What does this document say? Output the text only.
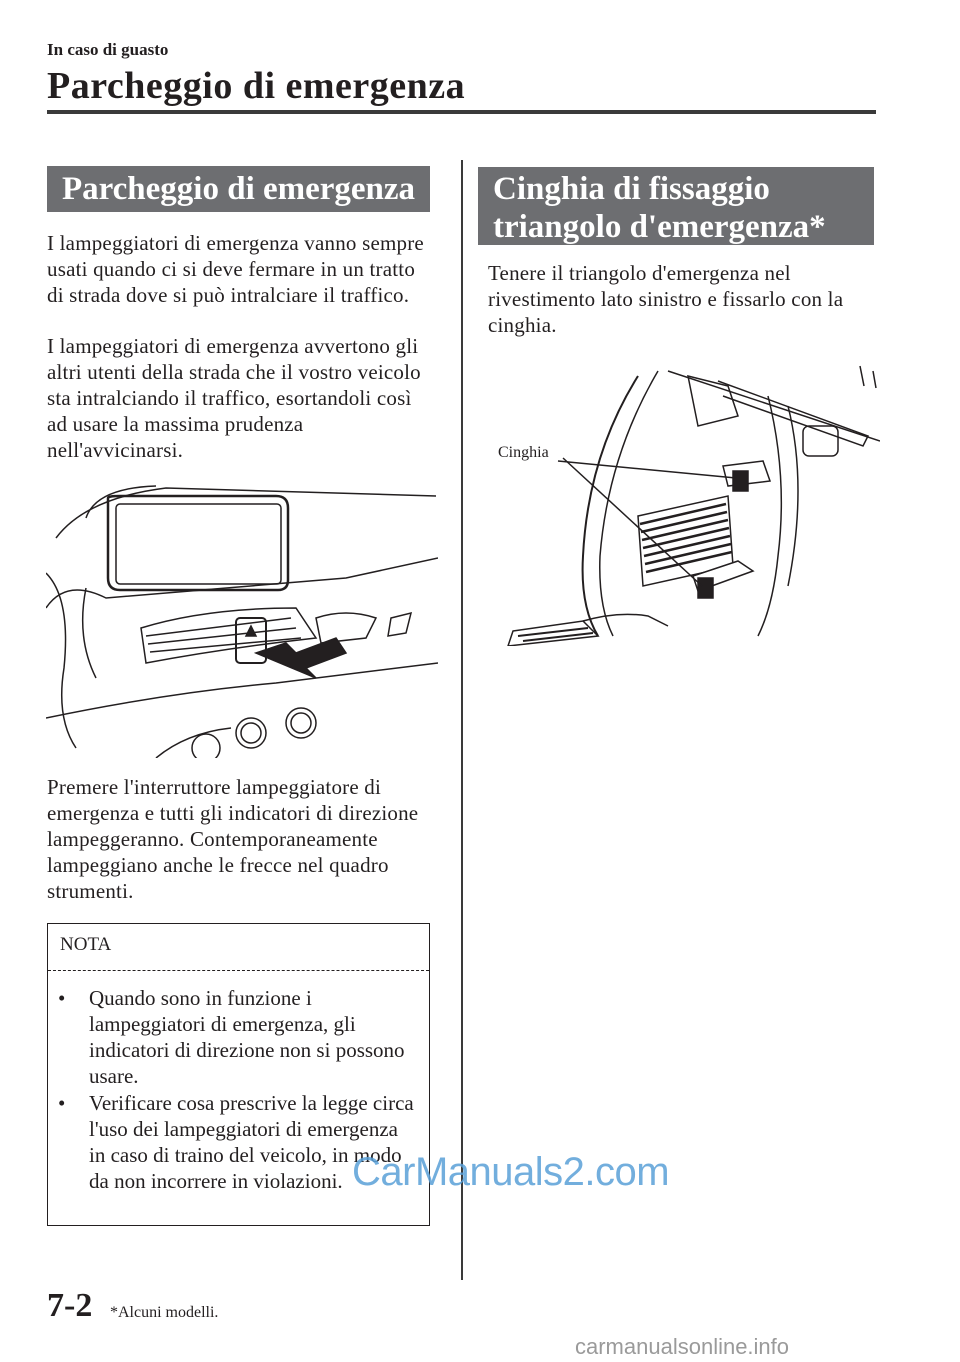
In caso di guasto
Parcheggio di emergenza
Parcheggio di emergenza
I lampeggiatori di emergenza vanno sempre usati quando ci si deve fermare in un tratto di strada dove si può intralciare il traffico.
I lampeggiatori di emergenza avvertono gli altri utenti della strada che il vostro veicolo sta intralciando il traffico, esortandoli così ad usare la massima prudenza nell'avvicinarsi.
Premere l'interruttore lampeggiatore di emergenza e tutti gli indicatori di direzione lampeggeranno. Contemporaneamente lampeggiano anche le frecce nel quadro strumenti.
NOTA
•	Quando sono in funzione i lampeggiatori di emergenza, gli indicatori di direzione non si possono usare.
•	Verificare cosa prescrive la legge circa l'uso dei lampeggiatori di emergenza in caso di traino del veicolo, in modo da non incorrere in violazioni.
Cinghia di fissaggio
triangolo d'emergenza*
Tenere il triangolo d'emergenza nel rivestimento lato sinistro e fissarlo con la cinghia.
Cinghia
7-2 *Alcuni modelli.
CarManuals2.com
carmanualsonline.info
